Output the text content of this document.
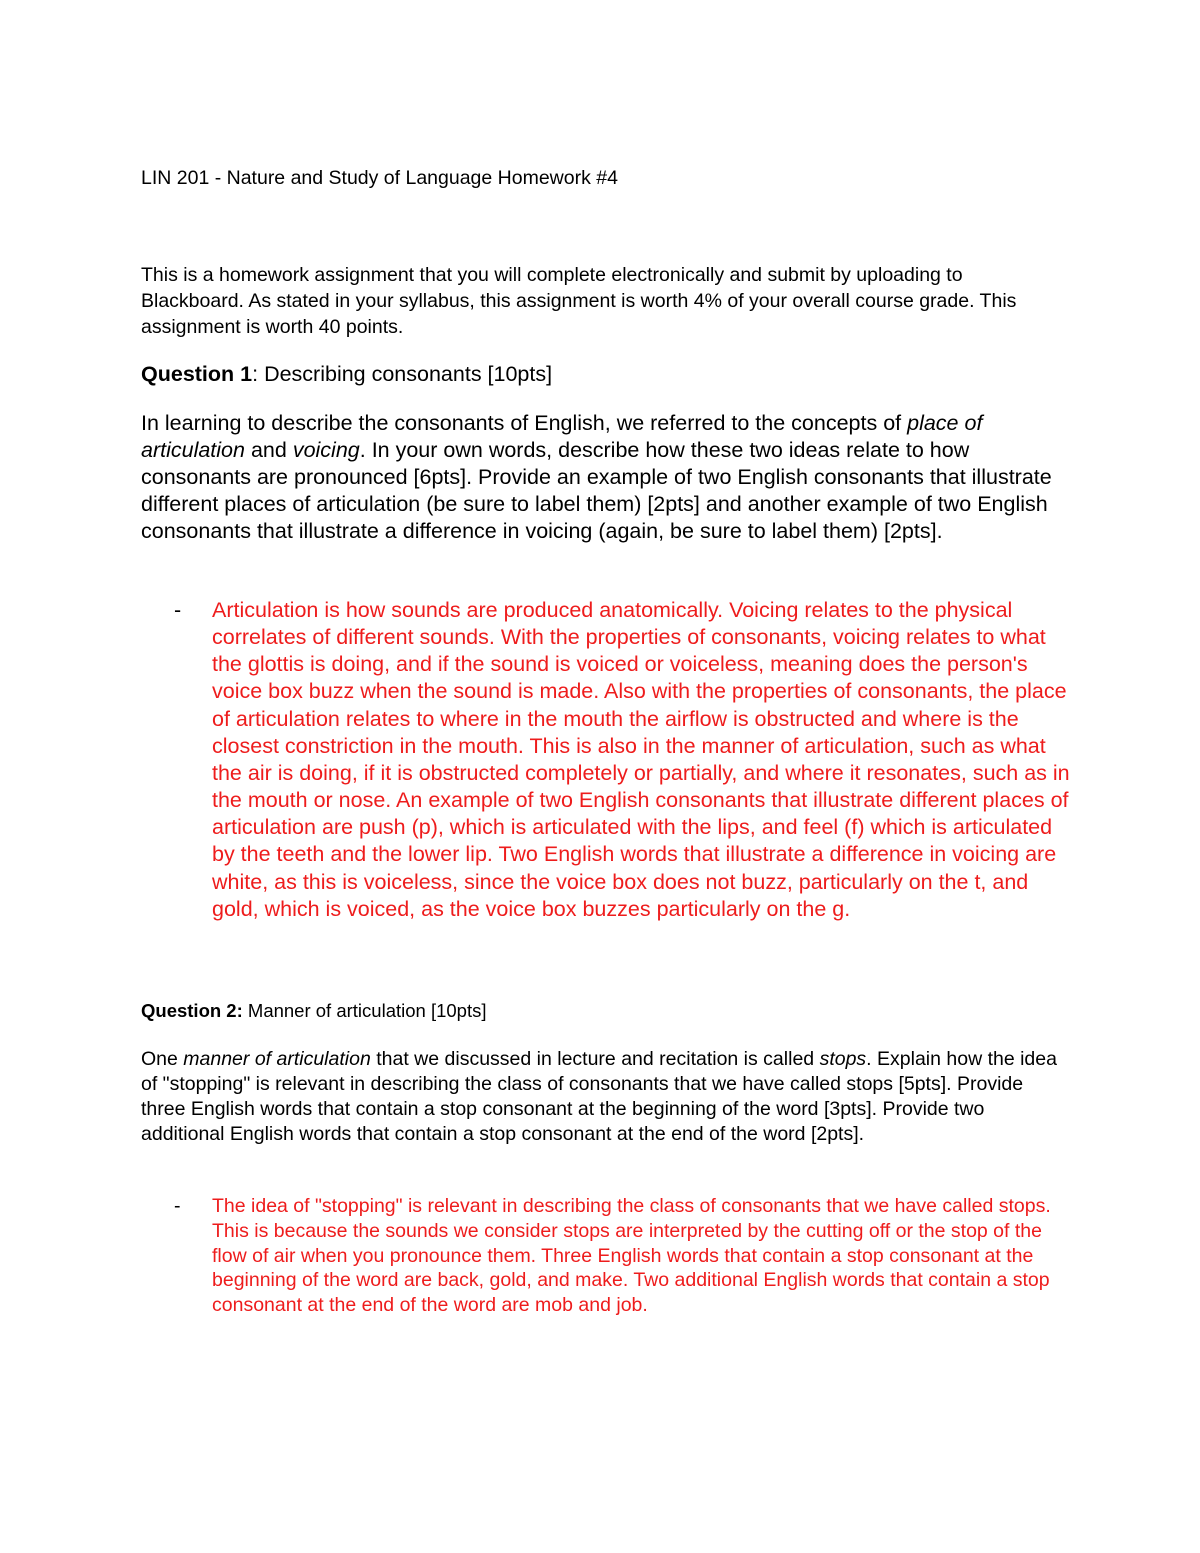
LIN 201 - Nature and Study of Language Homework #4

This is a homework assignment that you will complete electronically and submit by uploading to Blackboard. As stated in your syllabus, this assignment is worth 4% of your overall course grade. This assignment is worth 40 points.

Question 1: Describing consonants [10pts]

In learning to describe the consonants of English, we referred to the concepts of place of articulation and voicing. In your own words, describe how these two ideas relate to how consonants are pronounced [6pts]. Provide an example of two English consonants that illustrate different places of articulation (be sure to label them) [2pts] and another example of two English consonants that illustrate a difference in voicing (again, be sure to label them) [2pts].

- Articulation is how sounds are produced anatomically. Voicing relates to the physical correlates of different sounds. With the properties of consonants, voicing relates to what the glottis is doing, and if the sound is voiced or voiceless, meaning does the person's voice box buzz when the sound is made. Also with the properties of consonants, the place of articulation relates to where in the mouth the airflow is obstructed and where is the closest constriction in the mouth. This is also in the manner of articulation, such as what the air is doing, if it is obstructed completely or partially, and where it resonates, such as in the mouth or nose. An example of two English consonants that illustrate different places of articulation are push (p), which is articulated with the lips, and feel (f) which is articulated by the teeth and the lower lip. Two English words that illustrate a difference in voicing are white, as this is voiceless, since the voice box does not buzz, particularly on the t, and gold, which is voiced, as the voice box buzzes particularly on the g.

Question 2: Manner of articulation [10pts]

One manner of articulation that we discussed in lecture and recitation is called stops. Explain how the idea of "stopping" is relevant in describing the class of consonants that we have called stops [5pts]. Provide three English words that contain a stop consonant at the beginning of the word [3pts]. Provide two additional English words that contain a stop consonant at the end of the word [2pts].

- The idea of "stopping" is relevant in describing the class of consonants that we have called stops. This is because the sounds we consider stops are interpreted by the cutting off or the stop of the flow of air when you pronounce them. Three English words that contain a stop consonant at the beginning of the word are back, gold, and make. Two additional English words that contain a stop consonant at the end of the word are mob and job.
